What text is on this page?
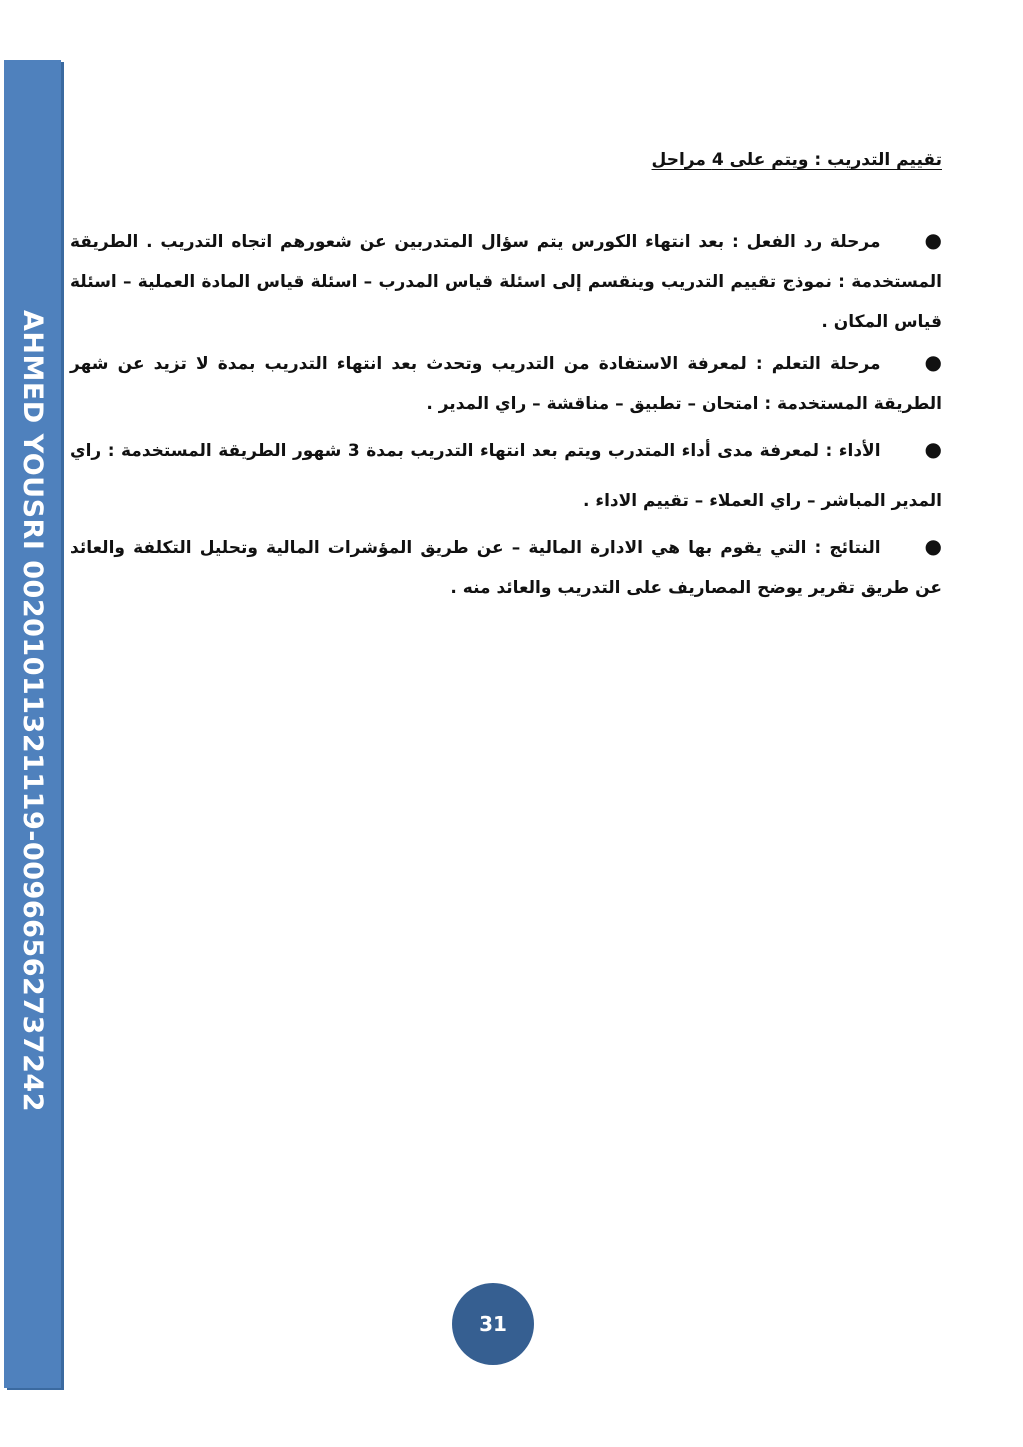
AHMED YOUSRI 00201011321119-00966562737242

تقييم التدريب : ويتم على 4 مراحل

●مرحلة رد الفعل : بعد انتهاء الكورس يتم سؤال المتدربين عن شعورهم اتجاه التدريب . الطريقة المستخدمة : نموذج تقييم التدريب وينقسم إلى اسئلة قياس المدرب – اسئلة قياس المادة العملية – اسئلة قياس المكان .

●مرحلة التعلم : لمعرفة الاستفادة من التدريب وتحدث بعد انتهاء التدريب بمدة لا تزيد عن شهر الطريقة المستخدمة : امتحان – تطبيق – مناقشة – راي المدير .

●الأداء : لمعرفة مدى أداء المتدرب ويتم بعد انتهاء التدريب بمدة 3 شهور الطريقة المستخدمة : راي المدير المباشر – راي العملاء – تقييم الاداء .

●النتائج : التي يقوم بها هي الادارة المالية – عن طريق المؤشرات المالية وتحليل التكلفة والعائد عن طريق تقرير يوضح المصاريف على التدريب والعائد منه .

31
